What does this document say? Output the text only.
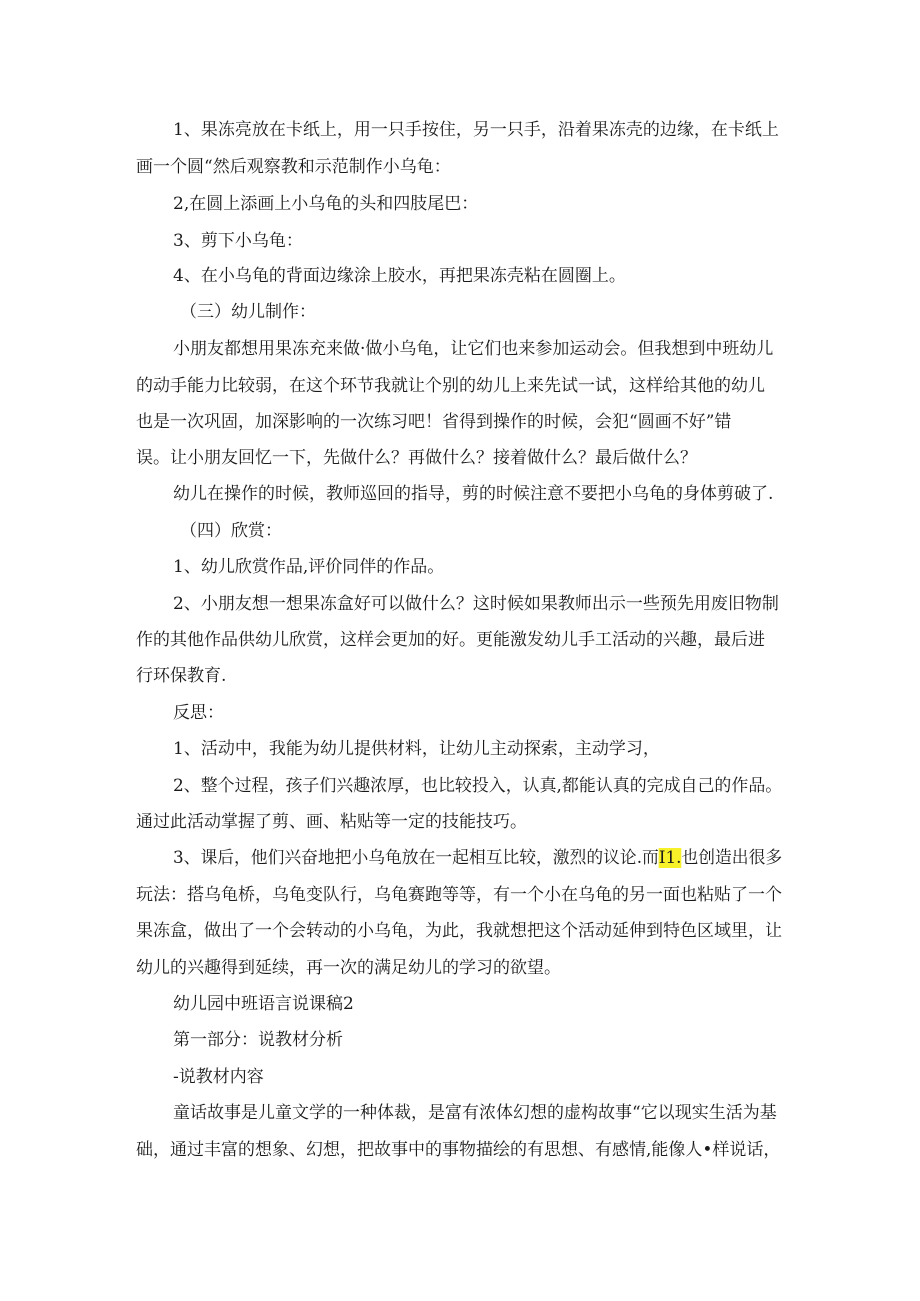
1、果冻亮放在卡纸上，用一只手按住，另一只手，沿着果冻壳的边缘，在卡纸上
画一个圆“然后观察教和示范制作小乌龟：
2,在圆上添画上小乌龟的头和四肢尾巴：
3、剪下小乌龟：
4、在小乌龟的背面边缘涂上胶水，再把果冻壳粘在圆圈上。
（三）幼儿制作：
小朋友都想用果冻充来做·做小乌龟，让它们也来参加运动会。但我想到中班幼儿
的动手能力比较弱，在这个环节我就让个别的幼儿上来先试一试，这样给其他的幼儿
也是一次巩固，加深影响的一次练习吧！省得到操作的时候，会犯“圆画不好”错
误。让小朋友回忆一下，先做什么？再做什么？接着做什么？最后做什么？
幼儿在操作的时候，教师巡回的指导，剪的时候注意不要把小乌龟的身体剪破了.
（四）欣赏：
1、幼儿欣赏作品,评价同伴的作品。
2、小朋友想一想果冻盒好可以做什么？这时候如果教师出示一些预先用废旧物制
作的其他作品供幼儿欣赏，这样会更加的好。更能激发幼儿手工活动的兴趣，最后进
行环保教育.
反思：
1、活动中，我能为幼儿提供材料，让幼儿主动探索，主动学习，
2、整个过程，孩子们兴趣浓厚，也比较投入，认真,都能认真的完成自己的作品。
通过此活动掌握了剪、画、粘贴等一定的技能技巧。
3、课后，他们兴奋地把小乌龟放在一起相互比较，激烈的议论.而I1.也创造出很多
玩法：搭乌龟桥，乌龟变队行，乌龟赛跑等等，有一个小在乌龟的另一面也粘贴了一个
果冻盒，做出了一个会转动的小乌龟，为此，我就想把这个活动延伸到特色区域里，让
幼儿的兴趣得到延续，再一次的满足幼儿的学习的欲望。
幼儿园中班语言说课稿2
第一部分：说教材分析
-说教材内容
童话故事是儿童文学的一种体裁，是富有浓体幻想的虚构故事“它以现实生活为基
础，通过丰富的想象、幻想，把故事中的事物描绘的有思想、有感情,能像人•样说话，
